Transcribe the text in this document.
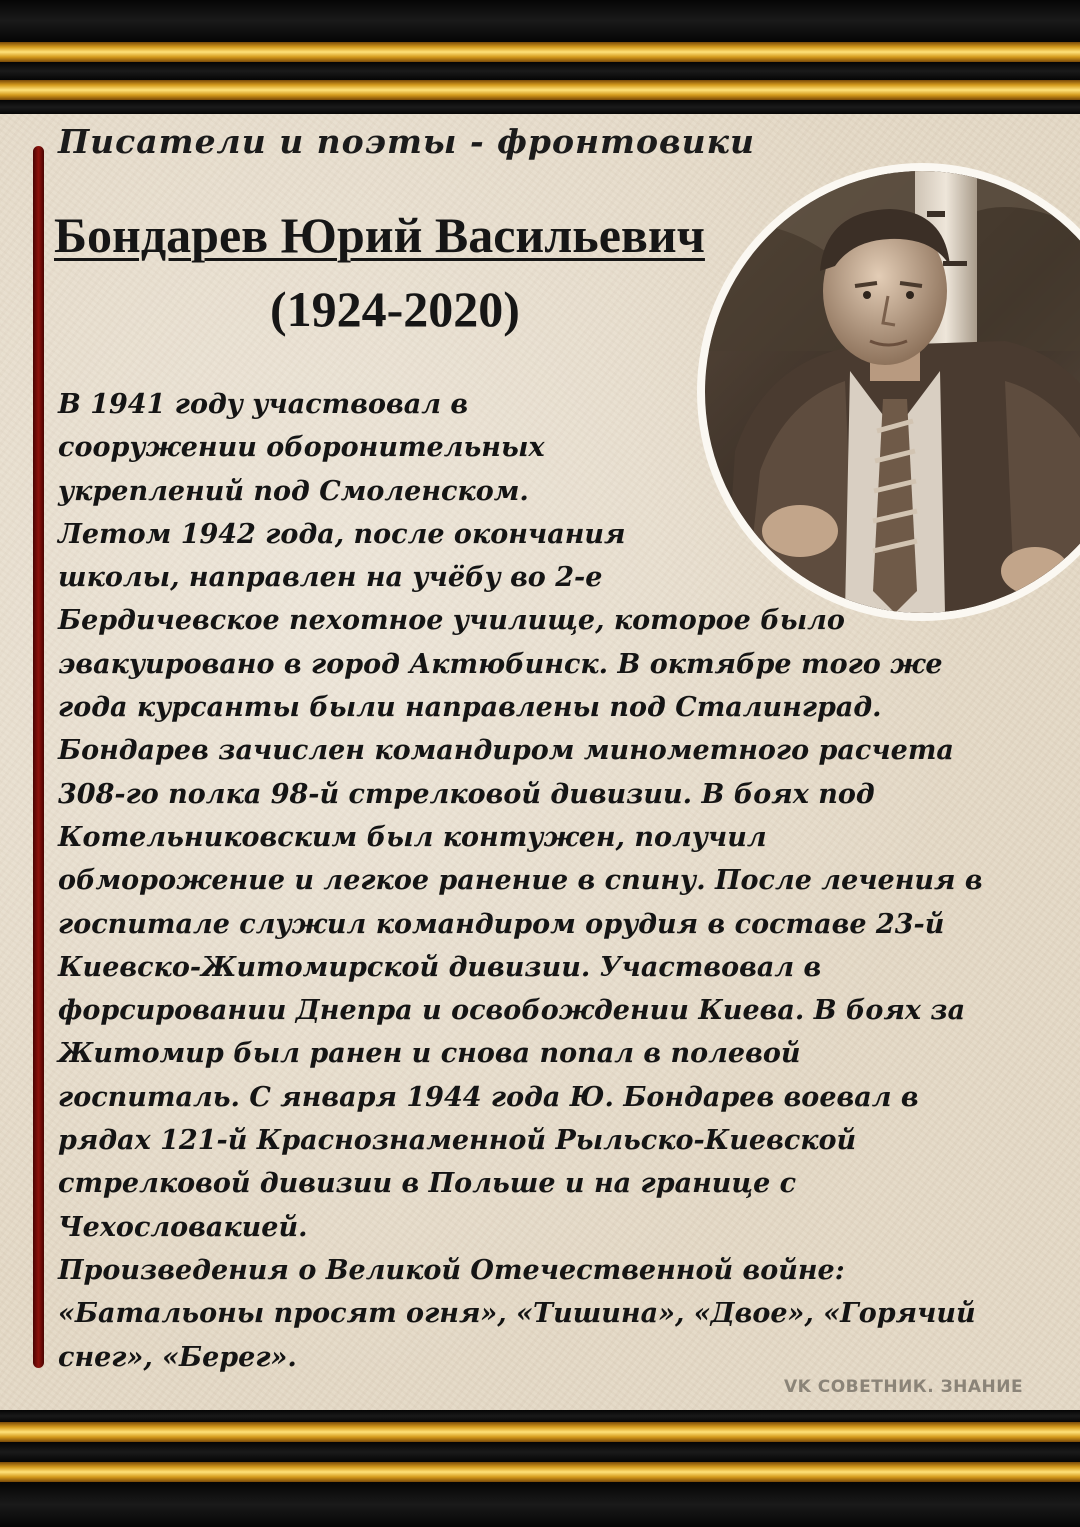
Писатели и поэты - фронтовики
Бондарев Юрий Васильевич
(1924-2020)
В 1941 году участвовал в
сооружении оборонительных
укреплений под Смоленском.
Летом 1942 года, после окончания
школы, направлен на учёбу во 2-е
Бердичевское пехотное училище, которое было
эвакуировано в город Актюбинск. В октябре того же
года курсанты были направлены под Сталинград.
Бондарев зачислен командиром минометного расчета
308-го полка 98-й стрелковой дивизии. В боях под
Котельниковским был контужен, получил
обморожение и легкое ранение в спину. После лечения в
госпитале служил командиром орудия в составе 23-й
Киевско-Житомирской дивизии. Участвовал в
форсировании Днепра и освобождении Киева. В боях за
Житомир был ранен и снова попал в полевой
госпиталь. С января 1944 года Ю. Бондарев воевал в
рядах 121-й Краснознаменной Рыльско-Киевской
стрелковой дивизии в Польше и на границе с
Чехословакией.
Произведения о Великой Отечественной войне:
«Батальоны просят огня», «Тишина», «Двое», «Горячий
снег», «Берег».
VK СОВЕТНИК. ЗНАНИЕ
